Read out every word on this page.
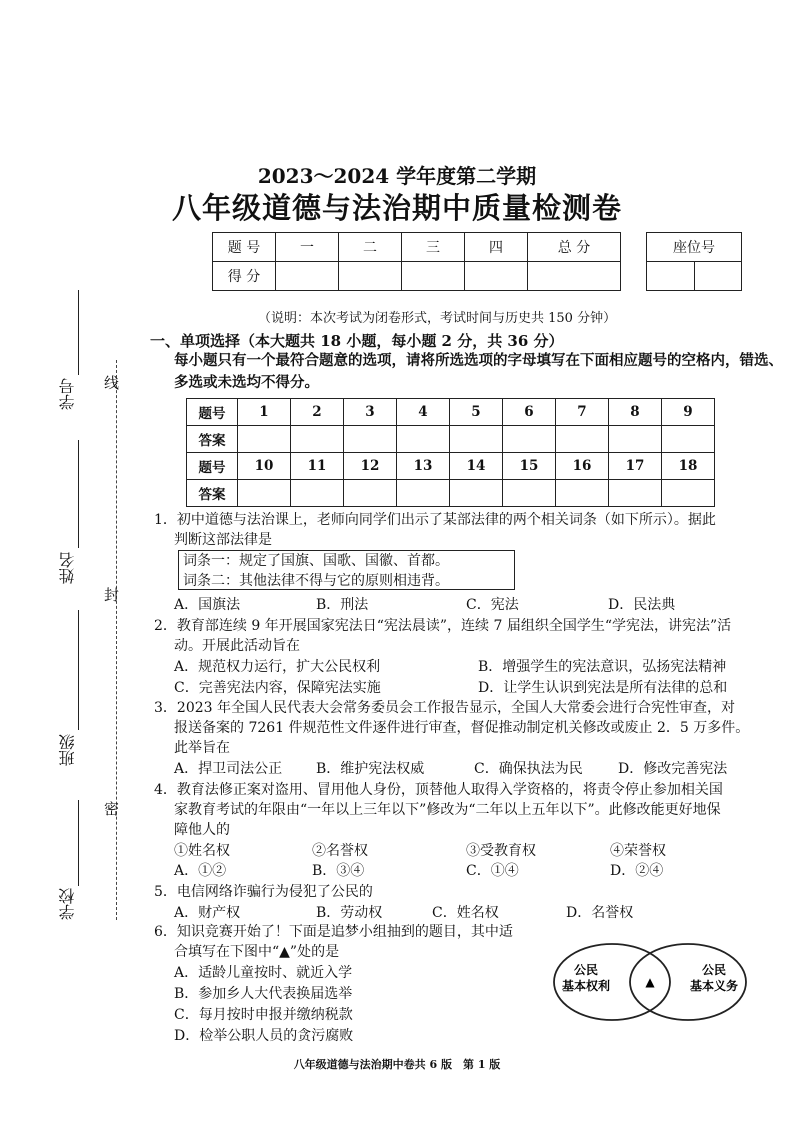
学号
姓名
班级
学校
线
封
密
2023～2024 学年度第二学期
八年级道德与法治期中质量检测卷
题 号	一	二	三	四	总 分
得 分					
座位号

（说明：本次考试为闭卷形式，考试时间与历史共 150 分钟）
一、单项选择（本大题共 18 小题，每小题 2 分，共 36 分）
每小题只有一个最符合题意的选项，请将所选选项的字母填写在下面相应题号的空格内，错选、多选或未选均不得分。
题号	1	2	3	4	5	6	7	8	9
答案									
题号	10	11	12	13	14	15	16	17	18
答案									
1．初中道德与法治课上，老师向同学们出示了某部法律的两个相关词条（如下所示）。据此
判断这部法律是
词条一：规定了国旗、国歌、国徽、首都。
词条二：其他法律不得与它的原则相违背。
A．国旗法	B．刑法	C．宪法	D．民法典
2．教育部连续 9 年开展国家宪法日“宪法晨读”，连续 7 届组织全国学生“学宪法，讲宪法”活
动。开展此活动旨在
A．规范权力运行，扩大公民权利	B．增强学生的宪法意识，弘扬宪法精神
C．完善宪法内容，保障宪法实施	D．让学生认识到宪法是所有法律的总和
3．2023 年全国人民代表大会常务委员会工作报告显示，全国人大常委会进行合宪性审查，对
报送备案的 7261 件规范性文件逐件进行审查，督促推动制定机关修改或废止 2．5 万多件。
此举旨在
A．捍卫司法公正 B．维护宪法权威	C．确保执法为民	D．修改完善宪法
4．教育法修正案对盗用、冒用他人身份，顶替他人取得入学资格的，将责令停止参加相关国
家教育考试的年限由“一年以上三年以下”修改为“二年以上五年以下”。此修改能更好地保
障他人的
①姓名权	②名誉权	③受教育权	④荣誉权
A．①②	B．③④	C．①④	D．②④
5．电信网络诈骗行为侵犯了公民的
A．财产权	B．劳动权	C．姓名权	D．名誉权
6．知识竞赛开始了！下面是追梦小组抽到的题目，其中适
合填写在下图中“▲”处的是
A．适龄儿童按时、就近入学
B．参加乡人大代表换届选举
C．每月按时申报并缴纳税款
D．检举公职人员的贪污腐败
公民
基本权利	▲
公民
基本义务
八年级道德与法治期中卷共 6 版　第 1 版
